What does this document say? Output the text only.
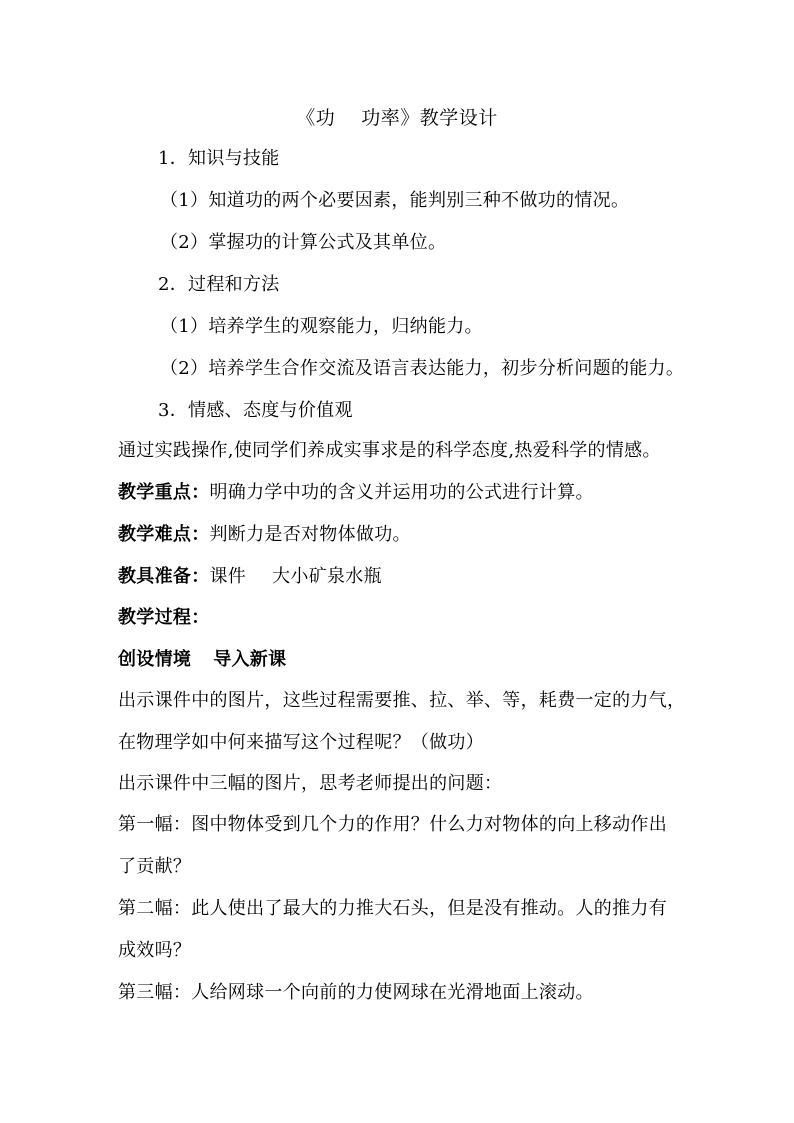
《功 功率》教学设计
1．知识与技能
（1）知道功的两个必要因素，能判别三种不做功的情况。
（2）掌握功的计算公式及其单位。
2．过程和方法
（1）培养学生的观察能力，归纳能力。
（2）培养学生合作交流及语言表达能力，初步分析问题的能力。
3．情感、态度与价值观
通过实践操作,使同学们养成实事求是的科学态度,热爱科学的情感。
教学重点：明确力学中功的含义并运用功的公式进行计算。
教学难点：判断力是否对物体做功。
教具准备：课件 大小矿泉水瓶
教学过程：
创设情境 导入新课
出示课件中的图片，这些过程需要推、拉、举、等，耗费一定的力气，
在物理学如中何来描写这个过程呢？（做功）
出示课件中三幅的图片，思考老师提出的问题：
第一幅：图中物体受到几个力的作用？什么力对物体的向上移动作出
了贡献？
第二幅：此人使出了最大的力推大石头，但是没有推动。人的推力有
成效吗？
第三幅：人给网球一个向前的力使网球在光滑地面上滚动。
